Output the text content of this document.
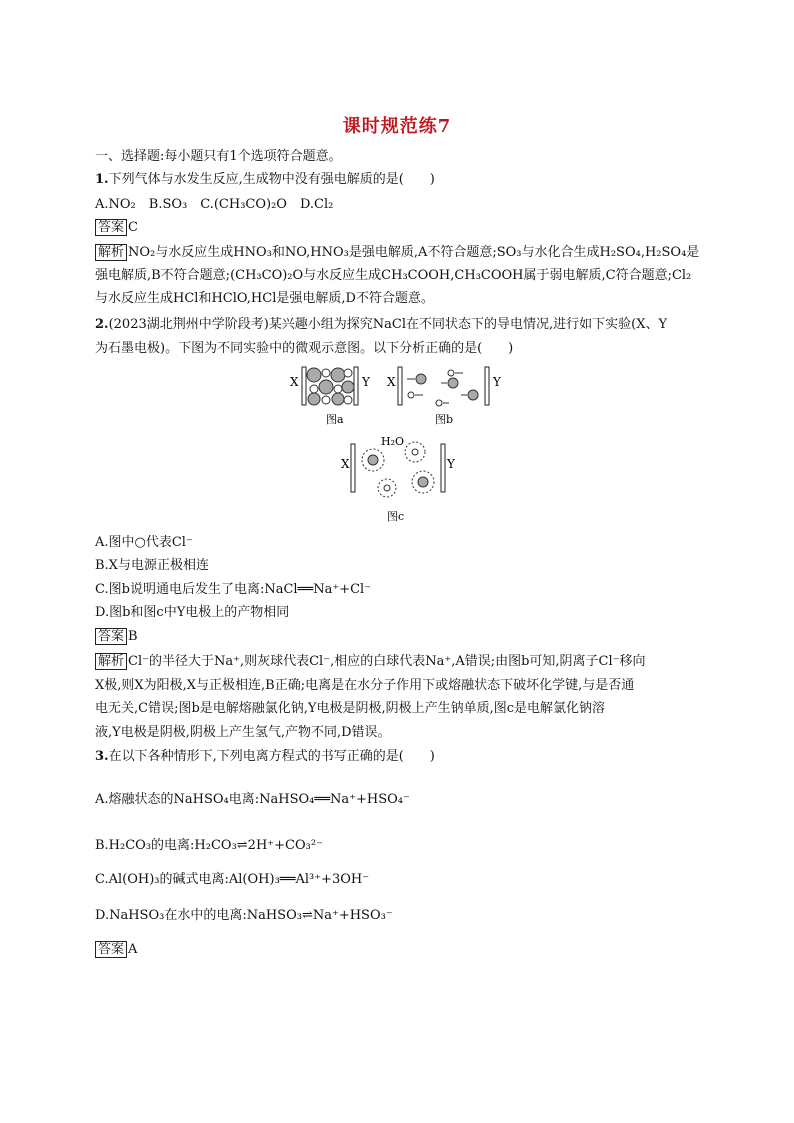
课时规范练7
一、选择题:每小题只有1个选项符合题意。
1.下列气体与水发生反应,生成物中没有强电解质的是(　　)
A.NO₂　B.SO₃　C.(CH₃CO)₂O　D.Cl₂
答案 C
解析 NO₂与水反应生成HNO₃和NO,HNO₃是强电解质,A不符合题意;SO₃与水化合生成H₂SO₄,H₂SO₄是
强电解质,B不符合题意;(CH₃CO)₂O与水反应生成CH₃COOH,CH₃COOH属于弱电解质,C符合题意;Cl₂
与水反应生成HCl和HClO,HCl是强电解质,D不符合题意。
2.(2023湖北荆州中学阶段考)某兴趣小组为探究NaCl在不同状态下的导电情况,进行如下实验(X、Y
为石墨电极)。下图为不同实验中的微观示意图。以下分析正确的是(　　)
X	Y
图a
X	Y
图b
H₂O
X	Y
图c
A.图中○代表Cl⁻
B.X与电源正极相连
C.图b说明通电后发生了电离:NaCl══Na⁺+Cl⁻
D.图b和图c中Y电极上的产物相同
答案 B
解析 Cl⁻的半径大于Na⁺,则灰球代表Cl⁻,相应的白球代表Na⁺,A错误;由图b可知,阴离子Cl⁻移向
X极,则X为阳极,X与正极相连,B正确;电离是在水分子作用下或熔融状态下破坏化学键,与是否通
电无关,C错误;图b是电解熔融氯化钠,Y电极是阴极,阴极上产生钠单质,图c是电解氯化钠溶
液,Y电极是阴极,阴极上产生氢气,产物不同,D错误。
3.在以下各种情形下,下列电离方程式的书写正确的是(　　)
A.熔融状态的NaHSO₄电离:NaHSO₄══Na⁺+HSO₄⁻
B.H₂CO₃的电离:H₂CO₃⇌2H⁺+CO₃²⁻
C.Al(OH)₃的碱式电离:Al(OH)₃══Al³⁺+3OH⁻
D.NaHSO₃在水中的电离:NaHSO₃⇌Na⁺+HSO₃⁻
答案 A
